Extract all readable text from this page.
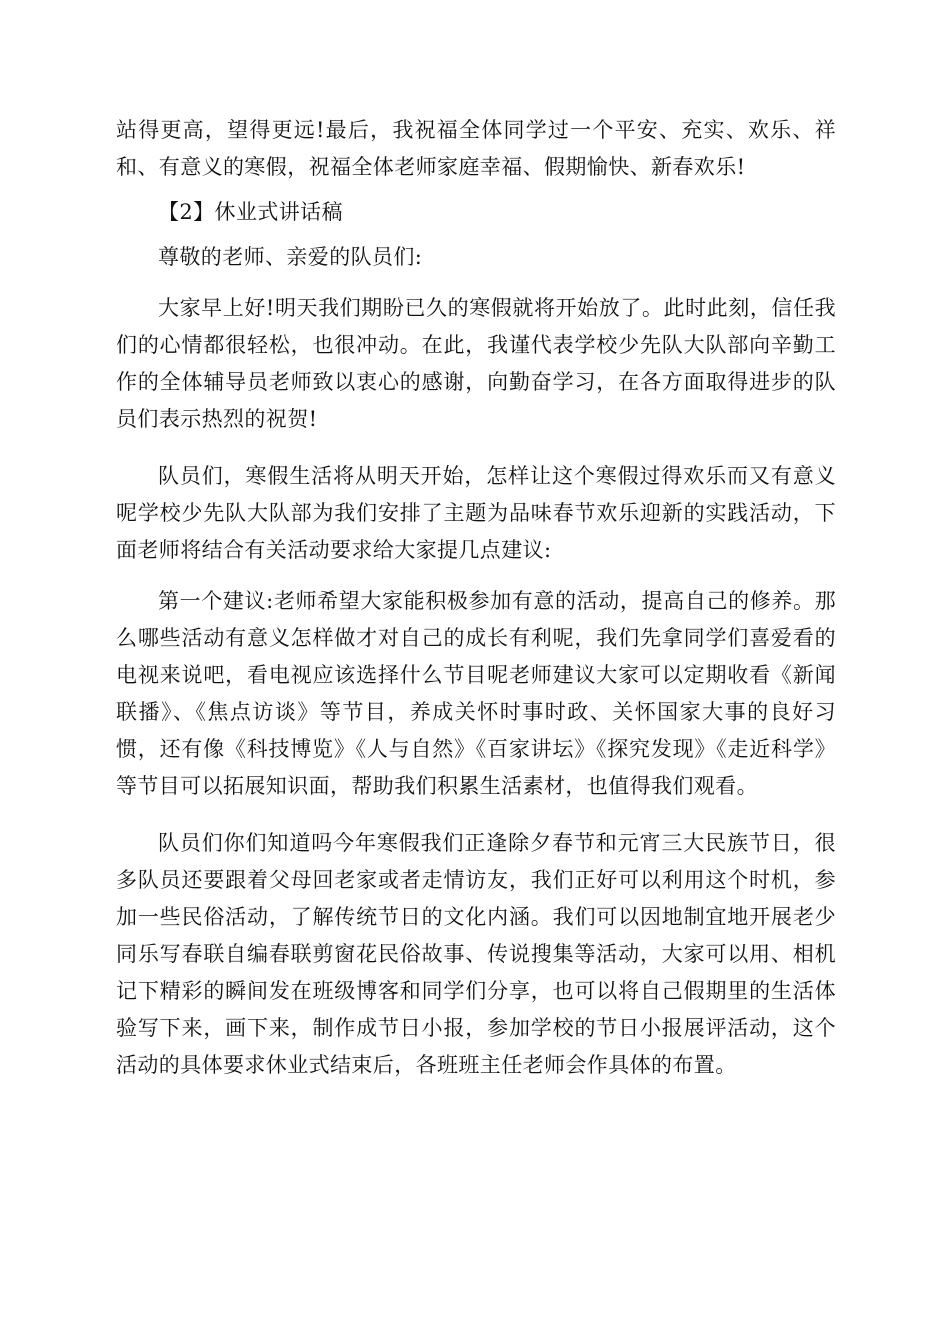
站得更高，望得更远!最后，我祝福全体同学过一个平安、充实、欢乐、祥和、有意义的寒假，祝福全体老师家庭幸福、假期愉快、新春欢乐!

【2】休业式讲话稿

尊敬的老师、亲爱的队员们:

大家早上好!明天我们期盼已久的寒假就将开始放了。此时此刻，信任我们的心情都很轻松，也很冲动。在此，我谨代表学校少先队大队部向辛勤工作的全体辅导员老师致以衷心的感谢，向勤奋学习，在各方面取得进步的队员们表示热烈的祝贺!

队员们，寒假生活将从明天开始，怎样让这个寒假过得欢乐而又有意义呢学校少先队大队部为我们安排了主题为品味春节欢乐迎新的实践活动，下面老师将结合有关活动要求给大家提几点建议:

第一个建议:老师希望大家能积极参加有意的活动，提高自己的修养。那么哪些活动有意义怎样做才对自己的成长有利呢，我们先拿同学们喜爱看的电视来说吧，看电视应该选择什么节目呢老师建议大家可以定期收看《新闻联播》、《焦点访谈》等节目，养成关怀时事时政、关怀国家大事的良好习惯，还有像《科技博览》《人与自然》《百家讲坛》《探究发现》《走近科学》等节目可以拓展知识面，帮助我们积累生活素材，也值得我们观看。

队员们你们知道吗今年寒假我们正逢除夕春节和元宵三大民族节日，很多队员还要跟着父母回老家或者走情访友，我们正好可以利用这个时机，参加一些民俗活动，了解传统节日的文化内涵。我们可以因地制宜地开展老少同乐写春联自编春联剪窗花民俗故事、传说搜集等活动，大家可以用、相机记下精彩的瞬间发在班级博客和同学们分享，也可以将自己假期里的生活体验写下来，画下来，制作成节日小报，参加学校的节日小报展评活动，这个活动的具体要求休业式结束后，各班班主任老师会作具体的布置。
